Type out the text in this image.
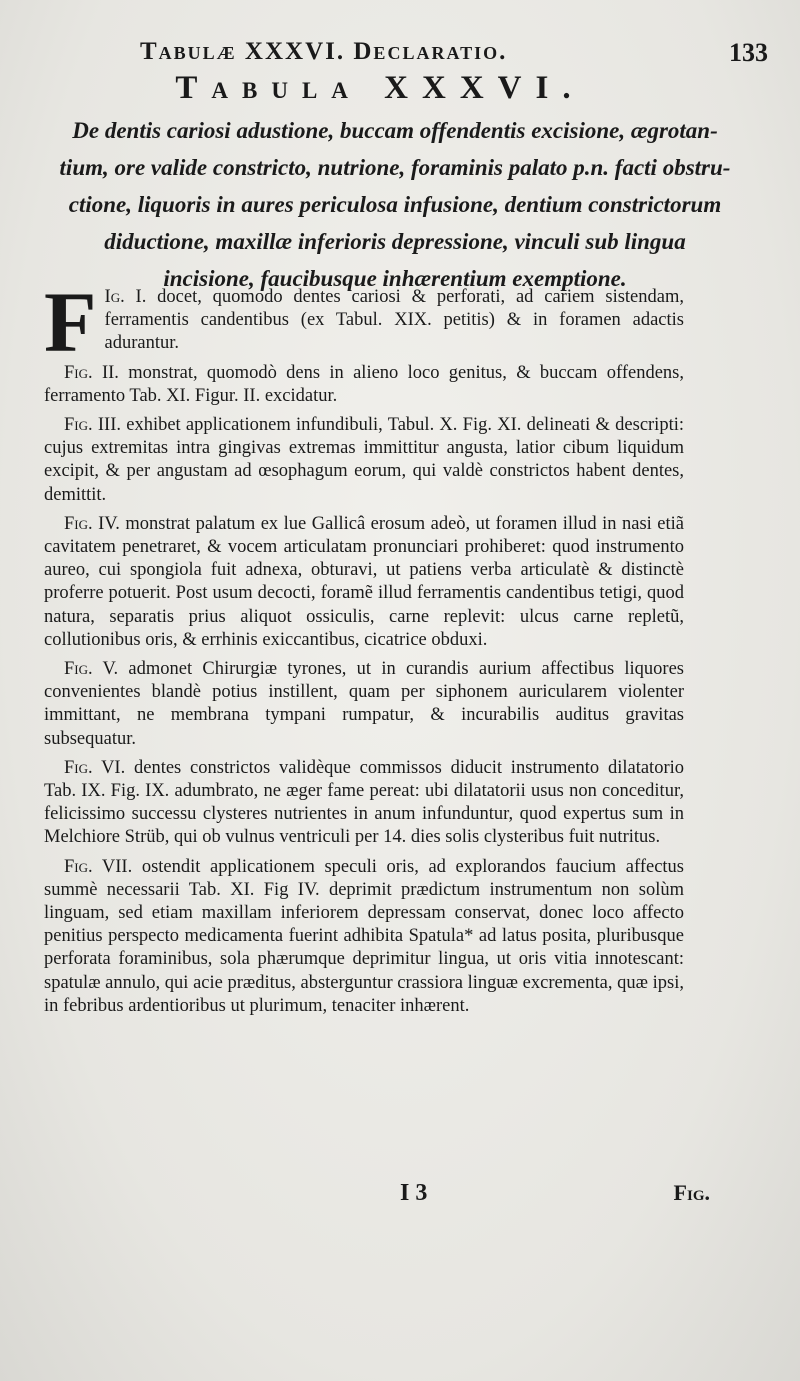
Tabulæ XXXVI. Declaratio.	133
Tabula XXXVI.
De dentis cariosi adustione, buccam offendentis excisione, ægrotan-
tium, ore valide constricto, nutrione, foraminis palato p.n. facti obstru-
ctione, liquoris in aures periculosa infusione, dentium constrictorum
diductione, maxillæ inferioris depressione, vinculi sub lingua
incisione, faucibusque inhærentium exemptione.

F Ig. I. docet, quomodo dentes cariosi & perforati, ad cariem sistendam, ferramentis candentibus (ex Tabul. XIX. petitis) & in foramen adactis adurantur.

Fig. II. monstrat, quomodò dens in alieno loco genitus, & buccam offendens, ferramento Tab. XI. Figur. II. excidatur.

Fig. III. exhibet applicationem infundibuli, Tabul. X. Fig. XI. delineati & descripti: cujus extremitas intra gingivas extremas immittitur angusta, latior cibum liquidum excipit, & per angustam ad œsophagum eorum, qui valdè constrictos habent dentes, demittit.

Fig. IV. monstrat palatum ex lue Gallicâ erosum adeò, ut foramen illud in nasi etiã cavitatem penetraret, & vocem articulatam pronunciari prohiberet: quod instrumento aureo, cui spongiola fuit adnexa, obturavi, ut patiens verba articulatè & distinctè proferre potuerit. Post usum decocti, foramẽ illud ferramentis candentibus tetigi, quod natura, separatis prius aliquot ossiculis, carne replevit: ulcus carne repletũ, collutionibus oris, & errhinis exiccantibus, cicatrice obduxi.

Fig. V. admonet Chirurgiæ tyrones, ut in curandis aurium affectibus liquores convenientes blandè potius instillent, quam per siphonem auricularem violenter immittant, ne membrana tympani rumpatur, & incurabilis auditus gravitas subsequatur.

Fig. VI. dentes constrictos validèque commissos diducit instrumento dilatatorio Tab. IX. Fig. IX. adumbrato, ne æger fame pereat: ubi dilatatorii usus non conceditur, felicissimo successu clysteres nutrientes in anum infunduntur, quod expertus sum in Melchiore Strüb, qui ob vulnus ventriculi per 14. dies solis clysteribus fuit nutritus.

Fig. VII. ostendit applicationem speculi oris, ad explorandos faucium affectus summè necessarii Tab. XI. Fig IV. deprimit prædictum instrumentum non solùm linguam, sed etiam maxillam inferiorem depressam conservat, donec loco affecto penitius perspecto medicamenta fuerint adhibita Spatula* ad latus posita, pluribusque perforata foraminibus, sola phærumque deprimitur lingua, ut oris vitia innotescant: spatulæ annulo, qui acie præditus, absterguntur crassiora linguæ excrementa, quæ ipsi, in febribus ardentioribus ut plurimum, tenaciter inhærent.

I 3	Fig.
